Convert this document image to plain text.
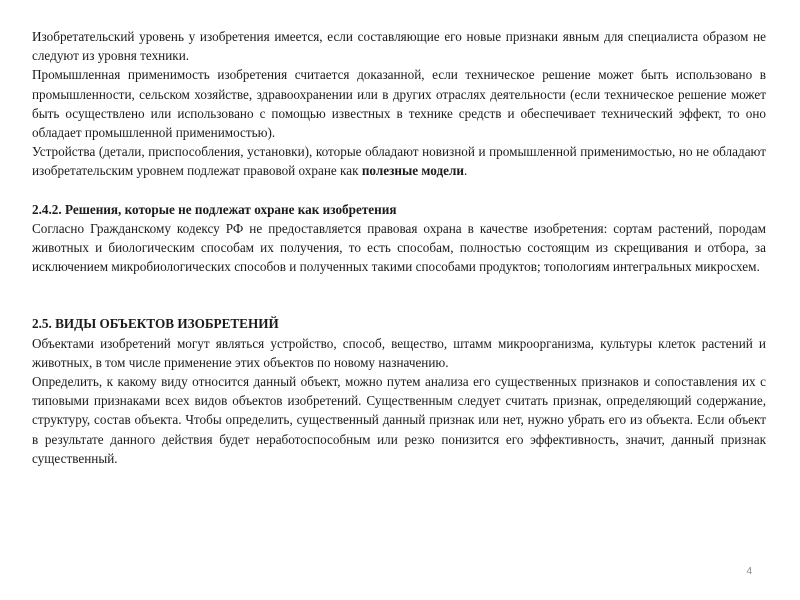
Изобретательский уровень у изобретения имеется, если составляющие его новые признаки явным для специалиста образом не следуют из уровня техники.

Промышленная применимость изобретения считается доказанной, если техническое решение может быть использовано в промышленности, сельском хозяйстве, здравоохранении или в других отраслях деятельности (если техническое решение может быть осуществлено или использовано с помощью известных в технике средств и обеспечивает технический эффект, то оно обладает промышленной применимостью).

Устройства (детали, приспособления, установки), которые обладают новизной и промышленной применимостью, но не обладают изобретательским уровнем подлежат правовой охране как полезные модели.

2.4.2. Решения, которые не подлежат охране как изобретения

Согласно Гражданскому кодексу РФ не предоставляется правовая охрана в качестве изобретения: сортам растений, породам животных и биологическим способам их получения, то есть способам, полностью состоящим из скрещивания и отбора, за исключением микробиологических способов и полученных такими способами продуктов; топологиям интегральных микросхем.

2.5. ВИДЫ ОБЪЕКТОВ ИЗОБРЕТЕНИЙ

Объектами изобретений могут являться устройство, способ, вещество, штамм микроорганизма, культуры клеток растений и животных, в том числе применение этих объектов по новому назначению.

Определить, к какому виду относится данный объект, можно путем анализа его существенных признаков и сопоставления их с типовыми признаками всех видов объектов изобретений. Существенным следует считать признак, определяющий содержание, структуру, состав объекта. Чтобы определить, существенный данный признак или нет, нужно убрать его из объекта. Если объект в результате данного действия будет неработоспособным или резко понизится его эффективность, значит, данный признак существенный.

4
